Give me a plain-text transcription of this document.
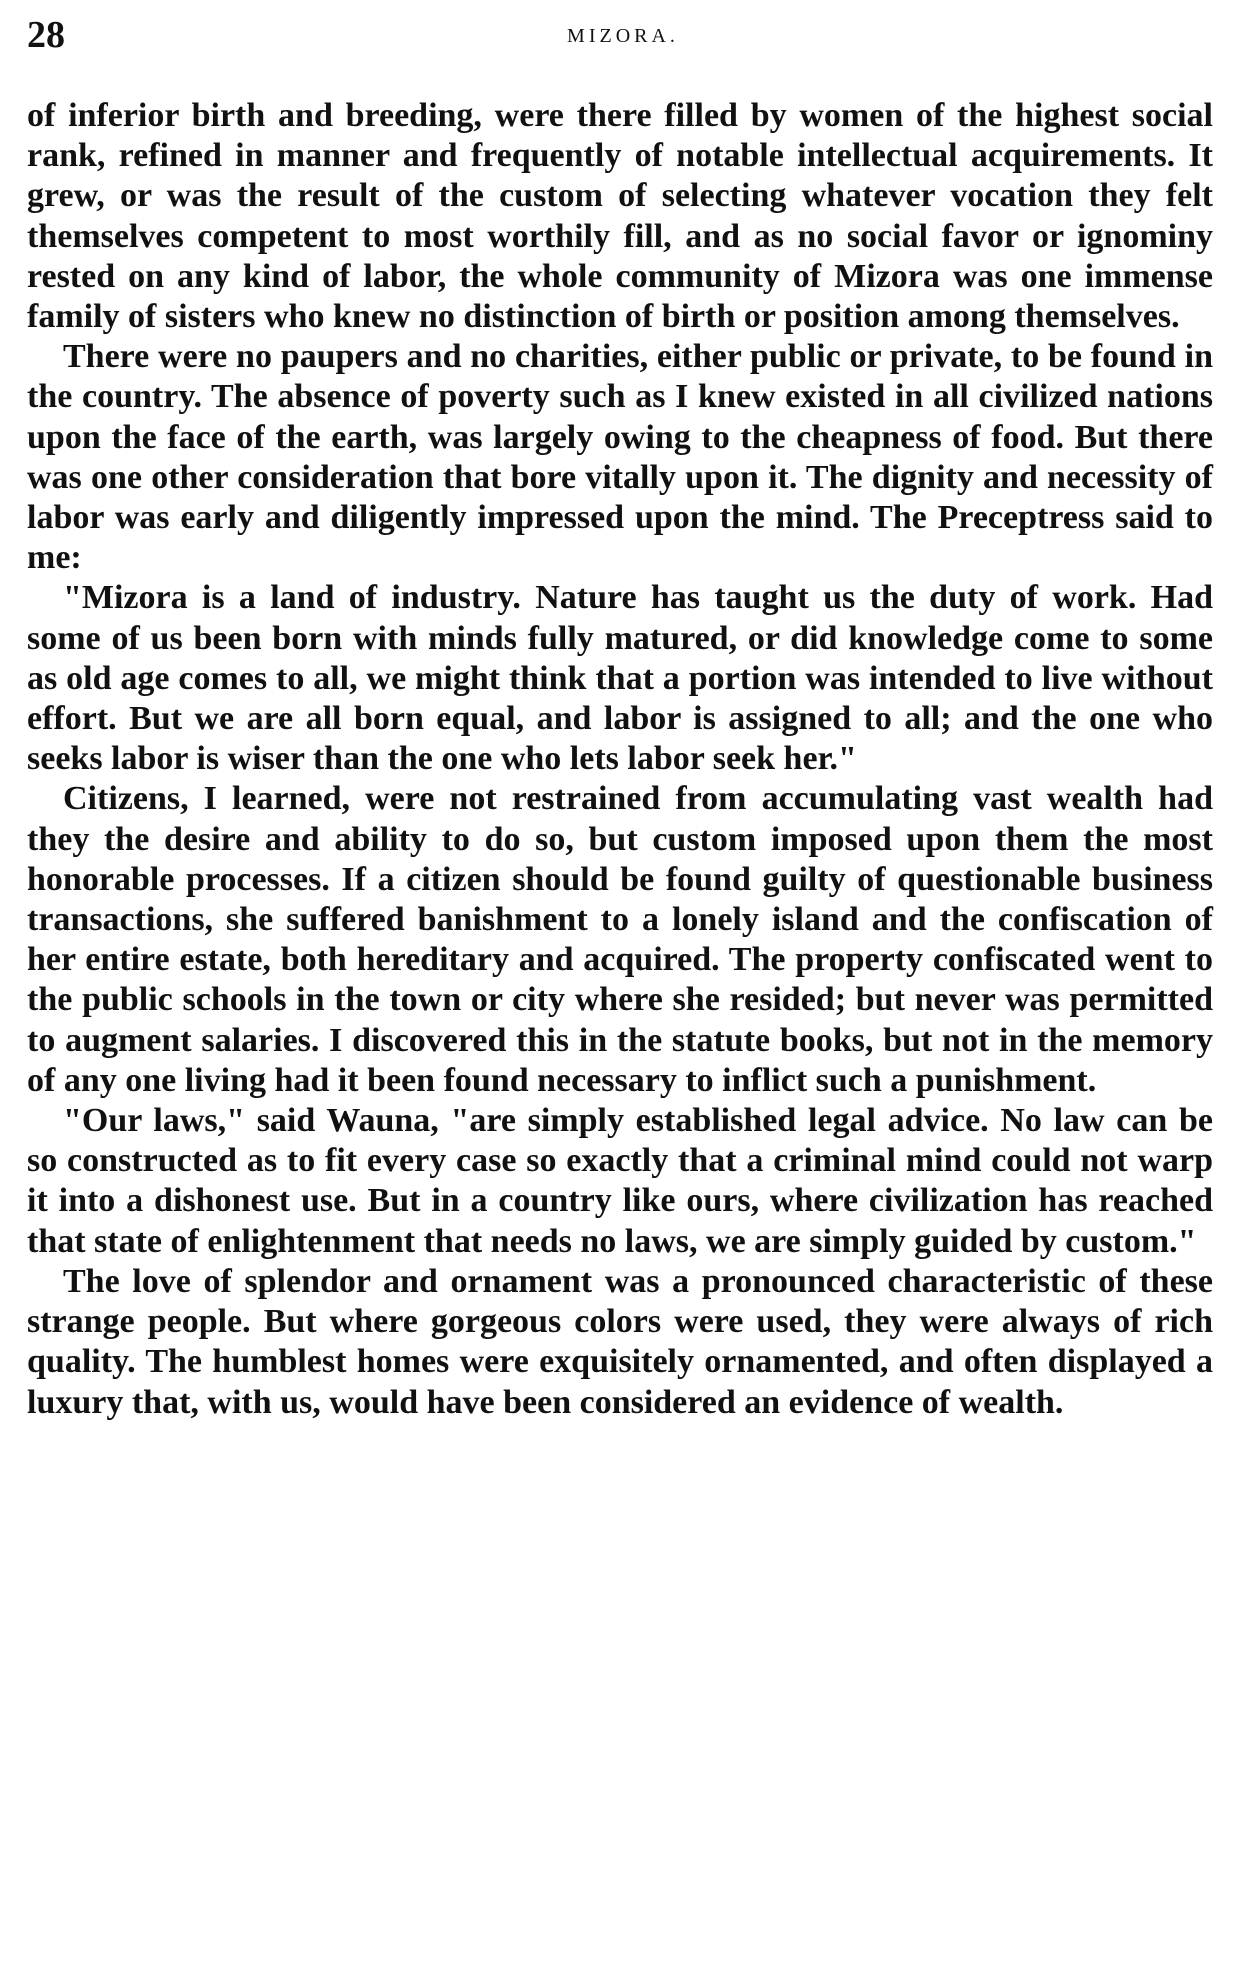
28	MIZORA.

of inferior birth and breeding, were there filled by women of the highest social rank, refined in manner and frequently of notable intellectual acquirements. It grew, or was the result of the custom of selecting whatever vocation they felt themselves competent to most worthily fill, and as no social favor or ignominy rested on any kind of labor, the whole community of Mizora was one immense family of sisters who knew no distinction of birth or position among themselves.

There were no paupers and no charities, either public or private, to be found in the country. The absence of poverty such as I knew existed in all civilized nations upon the face of the earth, was largely owing to the cheapness of food. But there was one other consideration that bore vitally upon it. The dignity and necessity of labor was early and diligently impressed upon the mind. The Preceptress said to me:

"Mizora is a land of industry. Nature has taught us the duty of work. Had some of us been born with minds fully matured, or did knowledge come to some as old age comes to all, we might think that a portion was intended to live without effort. But we are all born equal, and labor is assigned to all; and the one who seeks labor is wiser than the one who lets labor seek her."

Citizens, I learned, were not restrained from accumulating vast wealth had they the desire and ability to do so, but custom imposed upon them the most honorable processes. If a citizen should be found guilty of questionable business transactions, she suffered banishment to a lonely island and the confiscation of her entire estate, both hereditary and acquired. The property confiscated went to the public schools in the town or city where she resided; but never was permitted to augment salaries. I discovered this in the statute books, but not in the memory of any one living had it been found necessary to inflict such a punishment.

"Our laws," said Wauna, "are simply established legal advice. No law can be so constructed as to fit every case so exactly that a criminal mind could not warp it into a dishonest use. But in a country like ours, where civilization has reached that state of enlightenment that needs no laws, we are simply guided by custom."

The love of splendor and ornament was a pronounced characteristic of these strange people. But where gorgeous colors were used, they were always of rich quality. The humblest homes were exquisitely ornamented, and often displayed a luxury that, with us, would have been considered an evidence of wealth.
